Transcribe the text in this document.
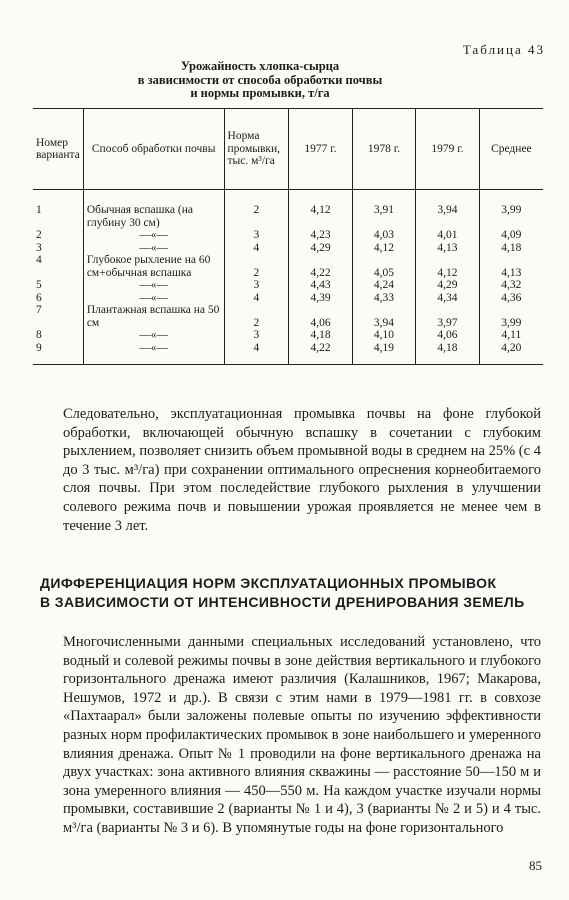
Таблица 43
Урожайность хлопка-сырца
в зависимости от способа обработки почвы
и нормы промывки, т/га
Номер варианта	Способ обработки почвы	Норма промывки, тыс. м³/га	1977 г.	1978 г.	1979 г.	Среднее

1	Обычная вспашка (на глубину 30 см)	2	4,12	3,91	3,94	3,99
2	—«—	3	4,23	4,03	4,01	4,09
3	—«—	4	4,29	4,12	4,13	4,18
4	Глубокое рыхление на 60 см+обычная вспашка	2	4,22	4,05	4,12	4,13
5	—«—	3	4,43	4,24	4,29	4,32
6	—«—	4	4,39	4,33	4,34	4,36
7	Плантажная вспашка на 50 см	2	4,06	3,94	3,97	3,99
8	—«—	3	4,18	4,10	4,06	4,11
9	—«—	4	4,22	4,19	4,18	4,20

Следовательно, эксплуатационная промывка почвы на фоне глубокой обработки, включающей обычную вспашку в сочетании с глубоким рыхлением, позволяет снизить объем промывной воды в среднем на 25% (с 4 до 3 тыс. м³/га) при сохранении оптимального опреснения корнеобитаемого слоя почвы. При этом последействие глубокого рыхления в улучшении солевого режима почв и повышении урожая проявляется не менее чем в течение 3 лет.

ДИФФЕРЕНЦИАЦИЯ НОРМ ЭКСПЛУАТАЦИОННЫХ ПРОМЫВОК
В ЗАВИСИМОСТИ ОТ ИНТЕНСИВНОСТИ ДРЕНИРОВАНИЯ ЗЕМЕЛЬ

Многочисленными данными специальных исследований установлено, что водный и солевой режимы почвы в зоне действия вертикального и глубокого горизонтального дренажа имеют различия (Калашников, 1967; Макарова, Нешумов, 1972 и др.). В связи с этим нами в 1979—1981 гг. в совхозе «Пахтаарал» были заложены полевые опыты по изучению эффективности разных норм профилактических промывок в зоне наибольшего и умеренного влияния дренажа. Опыт № 1 проводили на фоне вертикального дренажа на двух участках: зона активного влияния скважины — расстояние 50—150 м и зона умеренного влияния — 450—550 м. На каждом участке изучали нормы промывки, составившие 2 (варианты № 1 и 4), 3 (варианты № 2 и 5) и 4 тыс. м³/га (варианты № 3 и 6). В упомянутые годы на фоне горизонтального

85
